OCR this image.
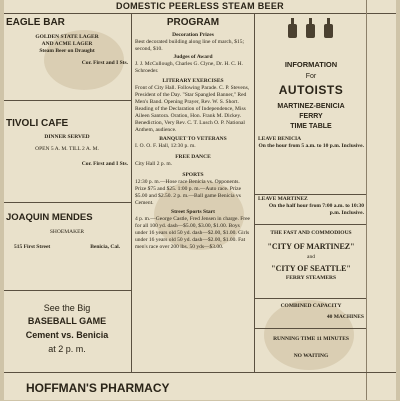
DOMESTIC PEERLESS STEAM BEER
EAGLE BAR
GOLDEN STATE LAGER
AND ACME LAGER
Steam Beer on Draught
Cor. First and I Sts.
TIVOLI CAFE
DINNER SERVED
OPEN 5 A. M. TILL 2 A. M.
Cor. First and I Sts.
JOAQUIN MENDES
SHOEMAKER
515 First Street	Benicia, Cal.
See the Big
BASEBALL GAME
Cement vs. Benicia
at 2 p. m.
PROGRAM
Decoration Prizes
Best decorated building along line of march, $15; second, $10.
Judges of Award
J. J. McCullough, Charles G. Clyne, Dr. H. C. H. Schroeder.
LITERARY EXERCISES
Front of City Hall. Following Parade. C. P. Stevens, President of the Day. "Star Spangled Banner," Red Men's Band. Opening Prayer, Rev. W. S. Short. Reading of the Declaration of Independence, Miss Aileen Santora. Oration, Hon. Frank M. Dickey. Benediction, Very Rev. C. T. Lusch O. P. National Anthem, audience.
BANQUET TO VETERANS
I. O. O. F. Hall, 12:30 p. m.
FREE DANCE
City Hall 2 p. m.
SPORTS
12:30 p. m.—Hose race Benicia vs. Opponents. Prize $75 and $25. 1:00 p. m.—Auto race. Prize $5.00 and $2.50. 2 p. m.—Ball game Benicia vs Cement.
Street Sports Start
4 p. m.—George Castle, Fred Jensen in charge. Free for all 100 yd. dash—$5.00, $3.00, $1.00. Boys under 16 years old 50 yd. dash—$2.00, $1.00. Girls under 16 years old 50 yd. dash—$2.00, $1.00. Fat men's race over 200 lbs. 50 yds—$3.00.
INFORMATION
For
AUTOISTS
MARTINEZ-BENICIA
FERRY
TIME TABLE
LEAVE BENICIA
On the hour from 5 a.m. to 10 p.m. Inclusive.
LEAVE MARTINEZ
On the half hour from 7:00 a.m. to 10:30 p.m. Inclusive.
THE FAST AND COMMODIOUS
"CITY OF MARTINEZ"
and
"CITY OF SEATTLE"
FERRY STEAMERS
COMBINED CAPACITY
40 MACHINES
RUNNING TIME 11 MINUTES
NO WAITING
HOFFMAN'S PHARMACY
